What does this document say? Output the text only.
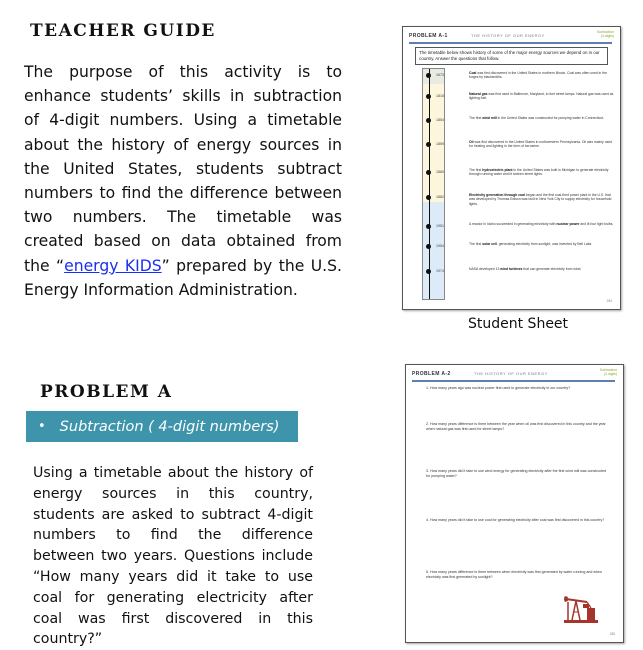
TEACHER GUIDE
The purpose of this activity is to enhance students’ skills in subtraction of 4-digit numbers. Using a timetable about the history of energy sources in the United States, students subtract numbers to find the difference between two numbers. The timetable was created based on data obtained from the “energy KIDS” prepared by the U.S. Energy Information Administration.
PROBLEM A
• Subtraction ( 4-digit numbers)
Using a timetable about the history of energy sources in this country, students are asked to subtract 4-digit numbers to find the difference between two years. Questions include “How many years did it take to use coal for generating electricity after coal was first discovered in this country?”
PROBLEM A-1	THE HISTORY OF OUR ENERGY
Subtraction
(4-digits)
The timetable below shows history of some of the major energy sources we depend on in our country. Answer the questions that follow.
1673	Coal was first discovered in the United States in northern Illinois. Coal was often used in the forges by blacksmiths.
1816	Natural gas was first used in Baltimore, Maryland, to fuel street lamps. Natural gas was used as lighting fuel.
1854	The first wind mill in the United States was constructed for pumping water in Connecticut.
1859	Oil was first discovered in the United States in northwestern Pennsylvania. Oil was mainly used for heating and lighting in the form of kerosene.
1880	The first hydroelectric plant in the United States was built in Michigan to generate electricity through running water and lit sixteen street lights.
1882	Electricity generation through coal began and the first coal-fired power plant in the U.S. that was developed by Thomas Edison was built in New York City to supply electricity for household lights.
1951	A reactor in Idaho succeeded in generating electricity with nuclear power and lit four light bulbs.
1954	The first solar cell, generating electricity from sunlight, was invented by Bell Labs
1974	NASA developed 13 wind turbines that can generate electricity from wind.
284
Student Sheet
PROBLEM A-2	THE HISTORY OF OUR ENERGY
Subtraction
(4 digits)
1. How many years ago was nuclear power first used to generate electricity in our country?
2. How many years difference is there between the year when oil was first discovered in this country and the year when natural gas was first used for street lamps?
3. How many years did it take to use wind energy for generating electricity after the first wind mill was constructed for pumping water?
4. How many years did it take to use coal for generating electricity after coal was first discovered in this country?
5. How many years difference is there between when electricity was first generated by water running and when electricity was first generated by sunlight?
285
